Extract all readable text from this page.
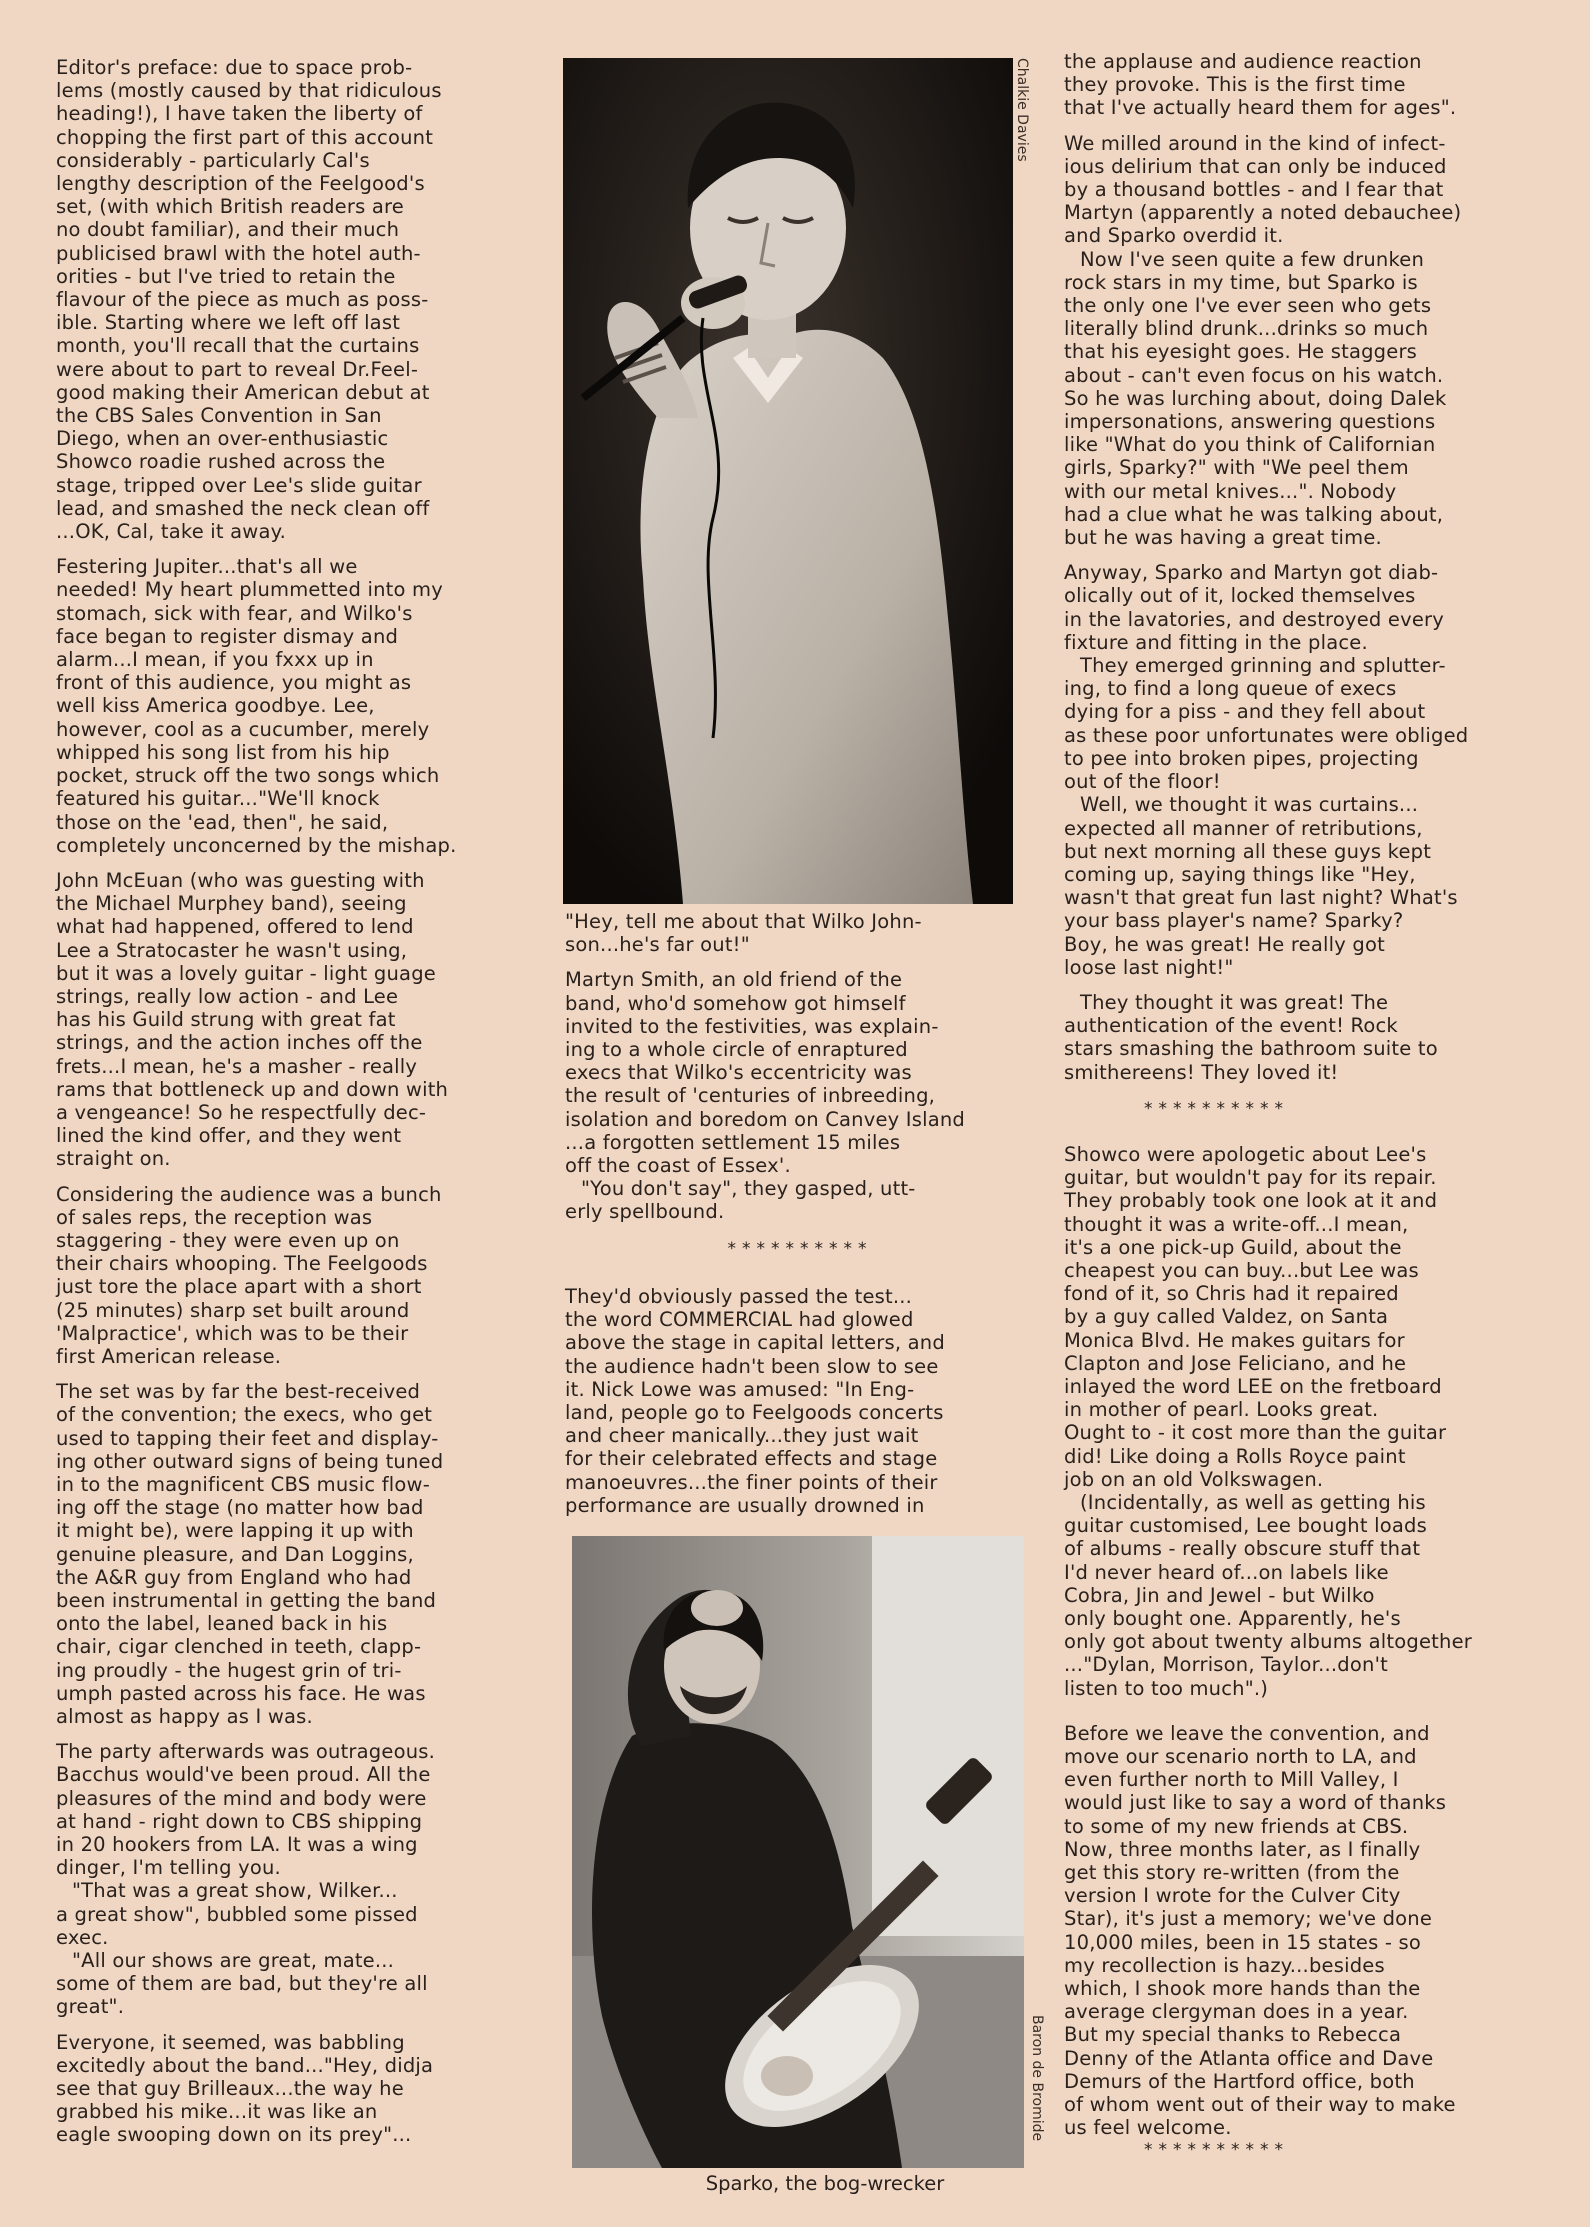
Editor's preface: due to space prob-
lems (mostly caused by that ridiculous
heading!), I have taken the liberty of
chopping the first part of this account
considerably - particularly Cal's
lengthy description of the Feelgood's
set, (with which British readers are
no doubt familiar), and their much
publicised brawl with the hotel auth-
orities - but I've tried to retain the
flavour of the piece as much as poss-
ible. Starting where we left off last
month, you'll recall that the curtains
were about to part to reveal Dr.Feel-
good making their American debut at
the CBS Sales Convention in San
Diego, when an over-enthusiastic
Showco roadie rushed across the
stage, tripped over Lee's slide guitar
lead, and smashed the neck clean off
...OK, Cal, take it away.

Festering Jupiter...that's all we
needed! My heart plummetted into my
stomach, sick with fear, and Wilko's
face began to register dismay and
alarm...I mean, if you fxxx up in
front of this audience, you might as
well kiss America goodbye. Lee,
however, cool as a cucumber, merely
whipped his song list from his hip
pocket, struck off the two songs which
featured his guitar..."We'll knock
those on the 'ead, then", he said,
completely unconcerned by the mishap.

John McEuan (who was guesting with
the Michael Murphey band), seeing
what had happened, offered to lend
Lee a Stratocaster he wasn't using,
but it was a lovely guitar - light guage
strings, really low action - and Lee
has his Guild strung with great fat
strings, and the action inches off the
frets...I mean, he's a masher - really
rams that bottleneck up and down with
a vengeance! So he respectfully dec-
lined the kind offer, and they went
straight on.

Considering the audience was a bunch
of sales reps, the reception was
staggering - they were even up on
their chairs whooping. The Feelgoods
just tore the place apart with a short
(25 minutes) sharp set built around
'Malpractice', which was to be their
first American release.

The set was by far the best-received
of the convention; the execs, who get
used to tapping their feet and display-
ing other outward signs of being tuned
in to the magnificent CBS music flow-
ing off the stage (no matter how bad
it might be), were lapping it up with
genuine pleasure, and Dan Loggins,
the A&R guy from England who had
been instrumental in getting the band
onto the label, leaned back in his
chair, cigar clenched in teeth, clapp-
ing proudly - the hugest grin of tri-
umph pasted across his face. He was
almost as happy as I was.

The party afterwards was outrageous.
Bacchus would've been proud. All the
pleasures of the mind and body were
at hand - right down to CBS shipping
in 20 hookers from LA. It was a wing
dinger, I'm telling you.

"That was a great show, Wilker...
a great show", bubbled some pissed
exec.

"All our shows are great, mate...
some of them are bad, but they're all
great".

Everyone, it seemed, was babbling
excitedly about the band..."Hey, didja
see that guy Brilleaux...the way he
grabbed his mike...it was like an
eagle swooping down on its prey"...

Chalkie Davies

"Hey, tell me about that Wilko John-
son...he's far out!"

Martyn Smith, an old friend of the
band, who'd somehow got himself
invited to the festivities, was explain-
ing to a whole circle of enraptured
execs that Wilko's eccentricity was
the result of 'centuries of inbreeding,
isolation and boredom on Canvey Island
...a forgotten settlement 15 miles
off the coast of Essex'.

"You don't say", they gasped, utt-
erly spellbound.

**********

They'd obviously passed the test...
the word COMMERCIAL had glowed
above the stage in capital letters, and
the audience hadn't been slow to see
it. Nick Lowe was amused: "In Eng-
land, people go to Feelgoods concerts
and cheer manically...they just wait
for their celebrated effects and stage
manoeuvres...the finer points of their
performance are usually drowned in

Baron de Bromide
Sparko, the bog-wrecker

the applause and audience reaction
they provoke. This is the first time
that I've actually heard them for ages".

We milled around in the kind of infect-
ious delirium that can only be induced
by a thousand bottles - and I fear that
Martyn (apparently a noted debauchee)
and Sparko overdid it.

Now I've seen quite a few drunken
rock stars in my time, but Sparko is
the only one I've ever seen who gets
literally blind drunk...drinks so much
that his eyesight goes. He staggers
about - can't even focus on his watch.
So he was lurching about, doing Dalek
impersonations, answering questions
like "What do you think of Californian
girls, Sparky?" with "We peel them
with our metal knives...". Nobody
had a clue what he was talking about,
but he was having a great time.

Anyway, Sparko and Martyn got diab-
olically out of it, locked themselves
in the lavatories, and destroyed every
fixture and fitting in the place.

They emerged grinning and splutter-
ing, to find a long queue of execs
dying for a piss - and they fell about
as these poor unfortunates were obliged
to pee into broken pipes, projecting
out of the floor!

Well, we thought it was curtains...
expected all manner of retributions,
but next morning all these guys kept
coming up, saying things like "Hey,
wasn't that great fun last night? What's
your bass player's name? Sparky?
Boy, he was great! He really got
loose last night!"

They thought it was great! The
authentication of the event! Rock
stars smashing the bathroom suite to
smithereens! They loved it!

**********

Showco were apologetic about Lee's
guitar, but wouldn't pay for its repair.
They probably took one look at it and
thought it was a write-off...I mean,
it's a one pick-up Guild, about the
cheapest you can buy...but Lee was
fond of it, so Chris had it repaired
by a guy called Valdez, on Santa
Monica Blvd. He makes guitars for
Clapton and Jose Feliciano, and he
inlayed the word LEE on the fretboard
in mother of pearl. Looks great.
Ought to - it cost more than the guitar
did! Like doing a Rolls Royce paint
job on an old Volkswagen.

(Incidentally, as well as getting his
guitar customised, Lee bought loads
of albums - really obscure stuff that
I'd never heard of...on labels like
Cobra, Jin and Jewel - but Wilko
only bought one. Apparently, he's
only got about twenty albums altogether
..."Dylan, Morrison, Taylor...don't
listen to too much".)

Before we leave the convention, and
move our scenario north to LA, and
even further north to Mill Valley, I
would just like to say a word of thanks
to some of my new friends at CBS.
Now, three months later, as I finally
get this story re-written (from the
version I wrote for the Culver City
Star), it's just a memory; we've done
10,000 miles, been in 15 states - so
my recollection is hazy...besides
which, I shook more hands than the
average clergyman does in a year.
But my special thanks to Rebecca
Denny of the Atlanta office and Dave
Demurs of the Hartford office, both
of whom went out of their way to make
us feel welcome.

**********
